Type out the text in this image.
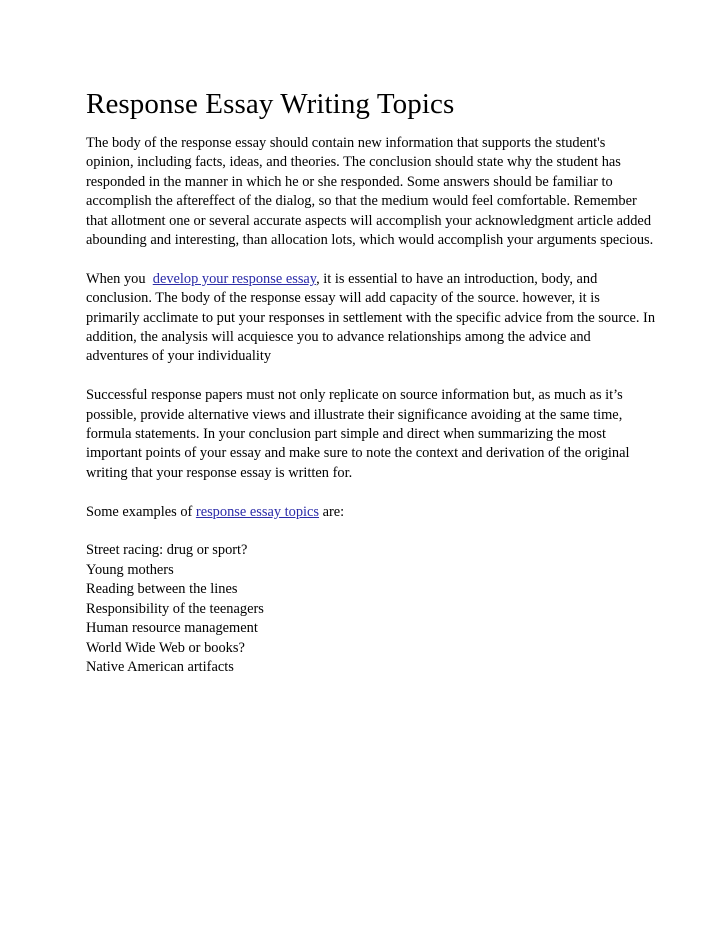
Response Essay Writing Topics

The body of the response essay should contain new information that supports the student's opinion, including facts, ideas, and theories. The conclusion should state why the student has responded in the manner in which he or she responded. Some answers should be familiar to accomplish the aftereffect of the dialog, so that the medium would feel comfortable. Remember that allotment one or several accurate aspects will accomplish your acknowledgment article added abounding and interesting, than allocation lots, which would accomplish your arguments specious.

When you  develop your response essay, it is essential to have an introduction, body, and conclusion. The body of the response essay will add capacity of the source. however, it is primarily acclimate to put your responses in settlement with the specific advice from the source. In addition, the analysis will acquiesce you to advance relationships among the advice and adventures of your individuality

Successful response papers must not only replicate on source information but, as much as it’s possible, provide alternative views and illustrate their significance avoiding at the same time, formula statements. In your conclusion part simple and direct when summarizing the most important points of your essay and make sure to note the context and derivation of the original writing that your response essay is written for.

Some examples of response essay topics are:

Street racing: drug or sport?
Young mothers
Reading between the lines
Responsibility of the teenagers
Human resource management
World Wide Web or books?
Native American artifacts
